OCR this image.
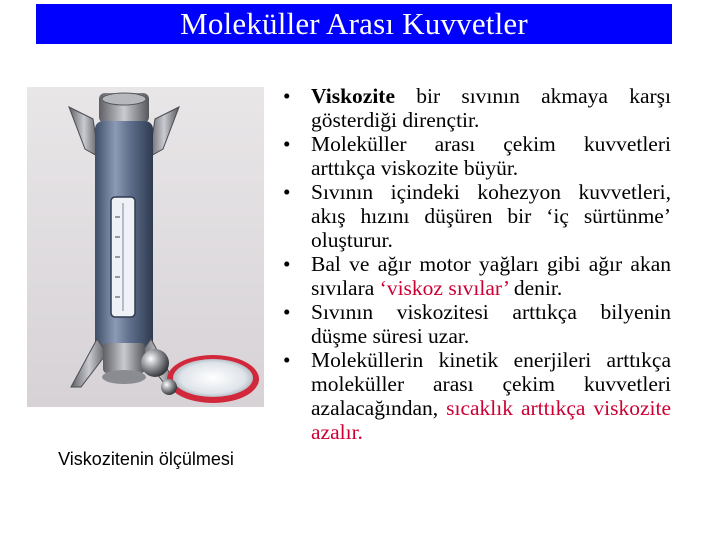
Moleküller Arası Kuvvetler
Viskozitenin ölçülmesi
• Viskozite bir sıvının akmaya karşı gösterdiği dirençtir.
• Moleküller arası çekim kuvvetleri arttıkça viskozite büyür.
• Sıvının içindeki kohezyon kuvvetleri, akış hızını düşüren bir ‘iç sürtünme’ oluşturur.
• Bal ve ağır motor yağları gibi ağır akan sıvılara ‘viskoz sıvılar’ denir.
• Sıvının viskozitesi arttıkça bilyenin düşme süresi uzar.
• Moleküllerin kinetik enerjileri arttıkça moleküller arası çekim kuvvetleri azalacağından, sıcaklık arttıkça viskozite azalır.
